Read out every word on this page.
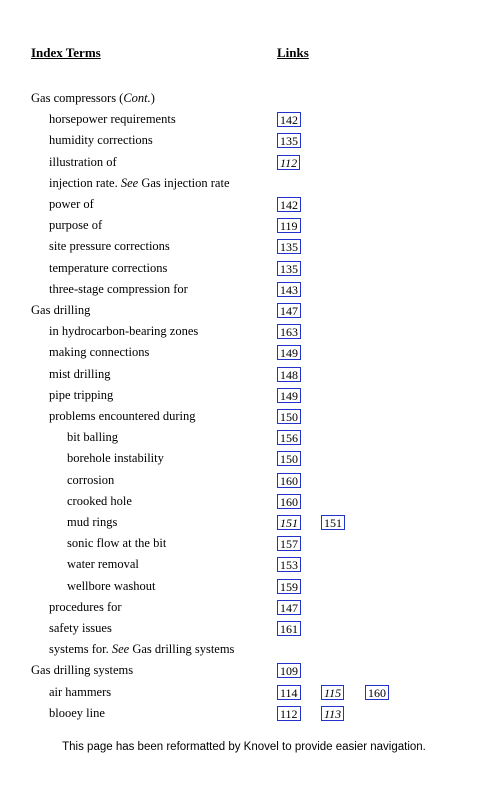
Index Terms	Links
Gas compressors (Cont.)
horsepower requirements	142
humidity corrections	135
illustration of	112
injection rate. See Gas injection rate
power of	142
purpose of	119
site pressure corrections	135
temperature corrections	135
three-stage compression for	143
Gas drilling	147
in hydrocarbon-bearing zones	163
making connections	149
mist drilling	148
pipe tripping	149
problems encountered during	150
bit balling	156
borehole instability	150
corrosion	160
crooked hole	160
mud rings	151 151
sonic flow at the bit	157
water removal	153
wellbore washout	159
procedures for	147
safety issues	161
systems for. See Gas drilling systems
Gas drilling systems	109
air hammers	114 115 160
blooey line	112 113
This page has been reformatted by Knovel to provide easier navigation.
